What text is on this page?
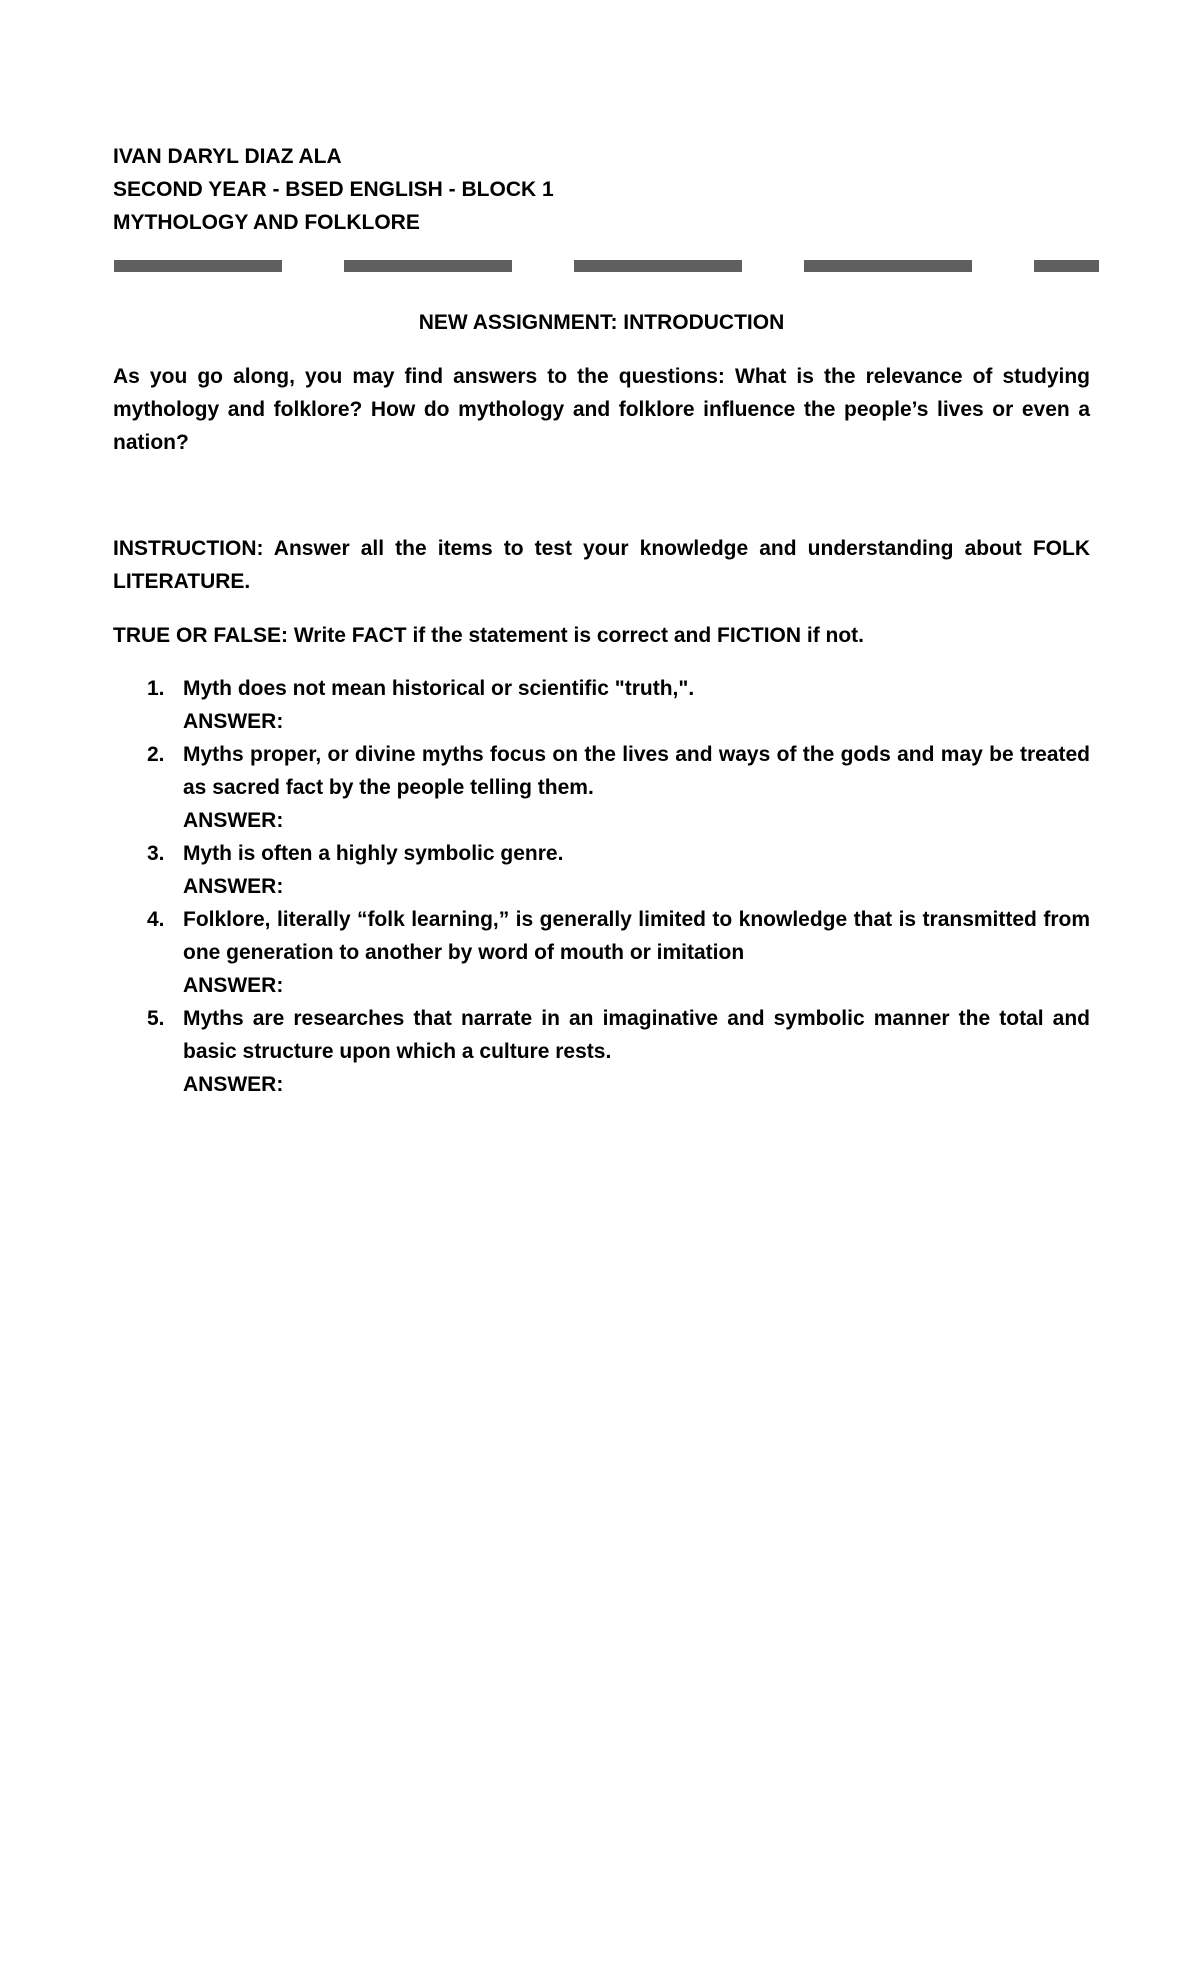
IVAN DARYL DIAZ ALA
SECOND YEAR - BSED ENGLISH - BLOCK 1
MYTHOLOGY AND FOLKLORE
NEW ASSIGNMENT: INTRODUCTION
As you go along, you may find answers to the questions: What is the relevance of studying mythology and folklore? How do mythology and folklore influence the people’s lives or even a nation?
INSTRUCTION: Answer all the items to test your knowledge and understanding about FOLK LITERATURE.
TRUE OR FALSE: Write FACT if the statement is correct and FICTION if not.
1. Myth does not mean historical or scientific "truth,".
ANSWER:
2. Myths proper, or divine myths focus on the lives and ways of the gods and may be treated as sacred fact by the people telling them.
ANSWER:
3. Myth is often a highly symbolic genre.
ANSWER:
4. Folklore, literally “folk learning,” is generally limited to knowledge that is transmitted from one generation to another by word of mouth or imitation
ANSWER:
5. Myths are researches that narrate in an imaginative and symbolic manner the total and basic structure upon which a culture rests.
ANSWER:
